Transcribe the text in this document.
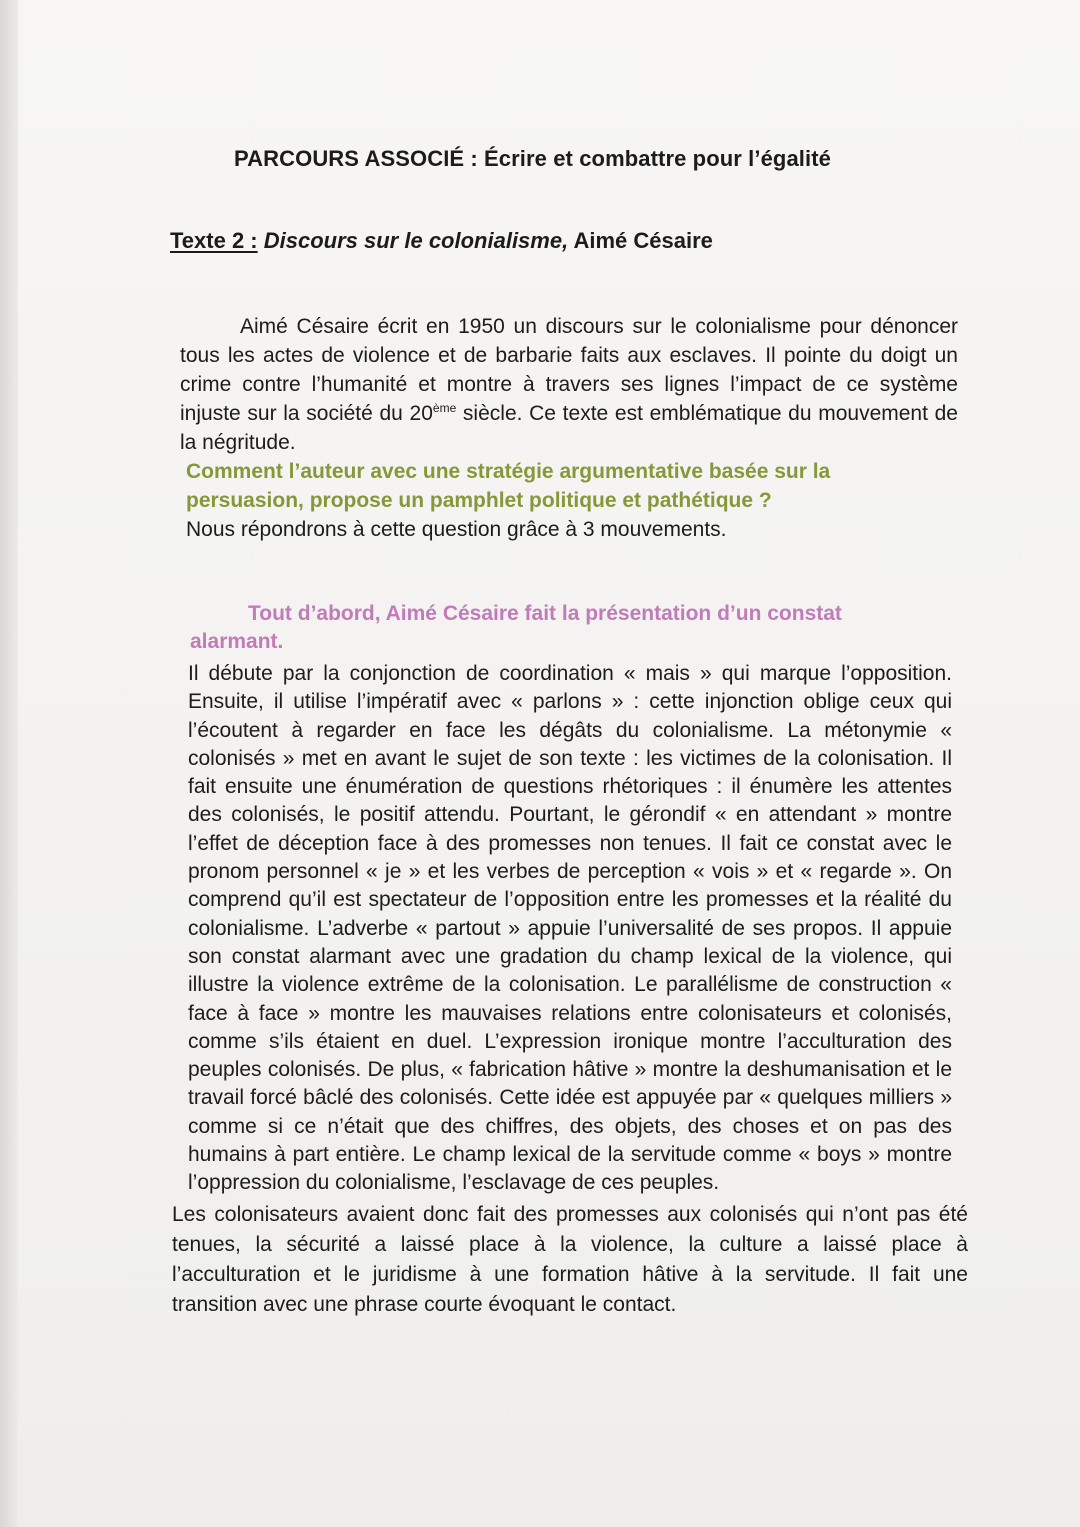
PARCOURS ASSOCIÉ : Écrire et combattre pour l’égalité
Texte 2 : Discours sur le colonialisme, Aimé Césaire
Aimé Césaire écrit en 1950 un discours sur le colonialisme pour dénoncer tous les actes de violence et de barbarie faits aux esclaves. Il pointe du doigt un crime contre l’humanité et montre à travers ses lignes l’impact de ce système injuste sur la société du 20ème siècle. Ce texte est emblématique du mouvement de la négritude.
Comment l’auteur avec une stratégie argumentative basée sur la persuasion, propose un pamphlet politique et pathétique ?
Nous répondrons à cette question grâce à 3 mouvements.
Tout d’abord, Aimé Césaire fait la présentation d’un constat alarmant.
Il débute par la conjonction de coordination « mais » qui marque l’opposition. Ensuite, il utilise l’impératif avec « parlons » : cette injonction oblige ceux qui l’écoutent à regarder en face les dégâts du colonialisme. La métonymie « colonisés » met en avant le sujet de son texte : les victimes de la colonisation. Il fait ensuite une énumération de questions rhétoriques : il énumère les attentes des colonisés, le positif attendu. Pourtant, le gérondif « en attendant » montre l’effet de déception face à des promesses non tenues. Il fait ce constat avec le pronom personnel « je » et les verbes de perception « vois » et « regarde ». On comprend qu’il est spectateur de l’opposition entre les promesses et la réalité du colonialisme. L’adverbe « partout » appuie l’universalité de ses propos. Il appuie son constat alarmant avec une gradation du champ lexical de la violence, qui illustre la violence extrême de la colonisation. Le parallélisme de construction « face à face » montre les mauvaises relations entre colonisateurs et colonisés, comme s’ils étaient en duel. L’expression ironique montre l’acculturation des peuples colonisés. De plus, « fabrication hâtive » montre la deshumanisation et le travail forcé bâclé des colonisés. Cette idée est appuyée par « quelques milliers » comme si ce n’était que des chiffres, des objets, des choses et on pas des humains à part entière. Le champ lexical de la servitude comme « boys » montre l’oppression du colonialisme, l’esclavage de ces peuples.
Les colonisateurs avaient donc fait des promesses aux colonisés qui n’ont pas été tenues, la sécurité a laissé place à la violence, la culture a laissé place à l’acculturation et le juridisme à une formation hâtive à la servitude. Il fait une transition avec une phrase courte évoquant le contact.
